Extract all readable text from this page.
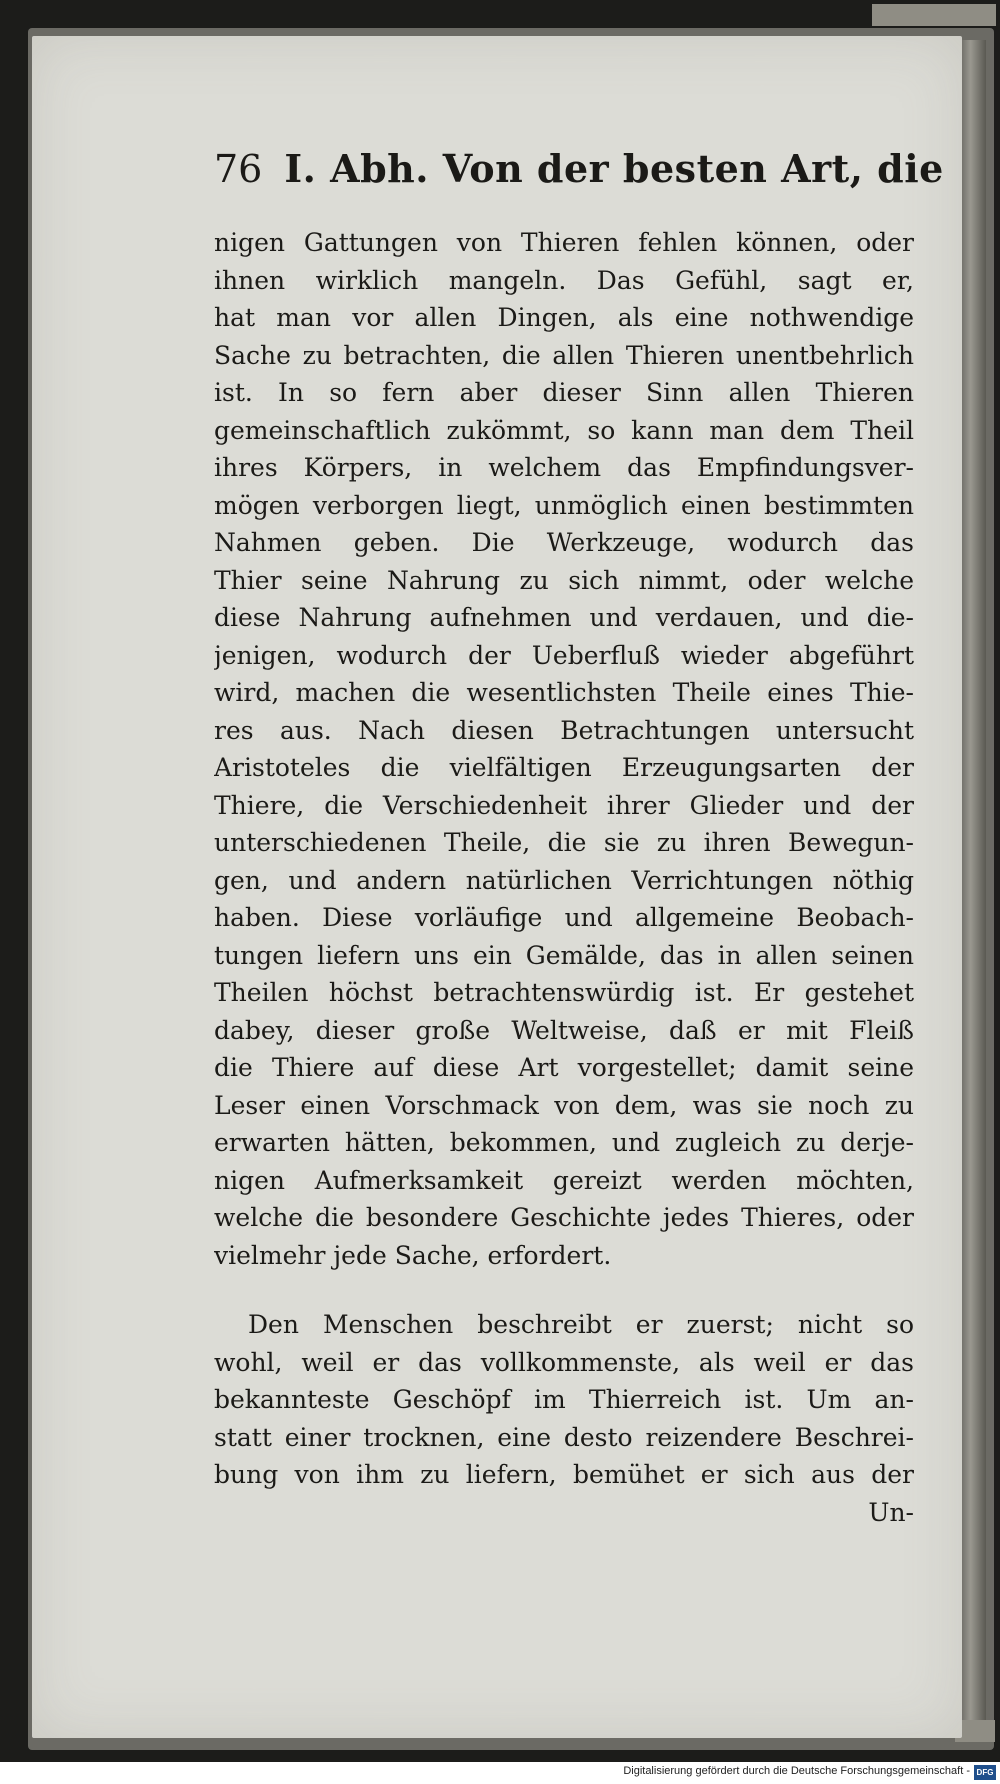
76 I. Abh. Von der besten Art, die
nigen Gattungen von Thieren fehlen können, oder
ihnen wirklich mangeln. Das Gefühl, sagt er,
hat man vor allen Dingen, als eine nothwendige
Sache zu betrachten, die allen Thieren unentbehrlich
ist. In so fern aber dieser Sinn allen Thieren
gemeinschaftlich zukömmt, so kann man dem Theil
ihres Körpers, in welchem das Empfindungsver-
mögen verborgen liegt, unmöglich einen bestimmten
Nahmen geben. Die Werkzeuge, wodurch das
Thier seine Nahrung zu sich nimmt, oder welche
diese Nahrung aufnehmen und verdauen, und die-
jenigen, wodurch der Ueberfluß wieder abgeführt
wird, machen die wesentlichsten Theile eines Thie-
res aus. Nach diesen Betrachtungen untersucht
Aristoteles die vielfältigen Erzeugungsarten der
Thiere, die Verschiedenheit ihrer Glieder und der
unterschiedenen Theile, die sie zu ihren Bewegun-
gen, und andern natürlichen Verrichtungen nöthig
haben. Diese vorläufige und allgemeine Beobach-
tungen liefern uns ein Gemälde, das in allen seinen
Theilen höchst betrachtenswürdig ist. Er gestehet
dabey, dieser große Weltweise, daß er mit Fleiß
die Thiere auf diese Art vorgestellet; damit seine
Leser einen Vorschmack von dem, was sie noch zu
erwarten hätten, bekommen, und zugleich zu derje-
nigen Aufmerksamkeit gereizt werden möchten,
welche die besondere Geschichte jedes Thieres, oder
vielmehr jede Sache, erfordert.
Den Menschen beschreibt er zuerst; nicht so
wohl, weil er das vollkommenste, als weil er das
bekannteste Geschöpf im Thierreich ist. Um an-
statt einer trocknen, eine desto reizendere Beschrei-
bung von ihm zu liefern, bemühet er sich aus der
Un-
Digitalisierung gefördert durch die Deutsche Forschungsgemeinschaft - DFG
